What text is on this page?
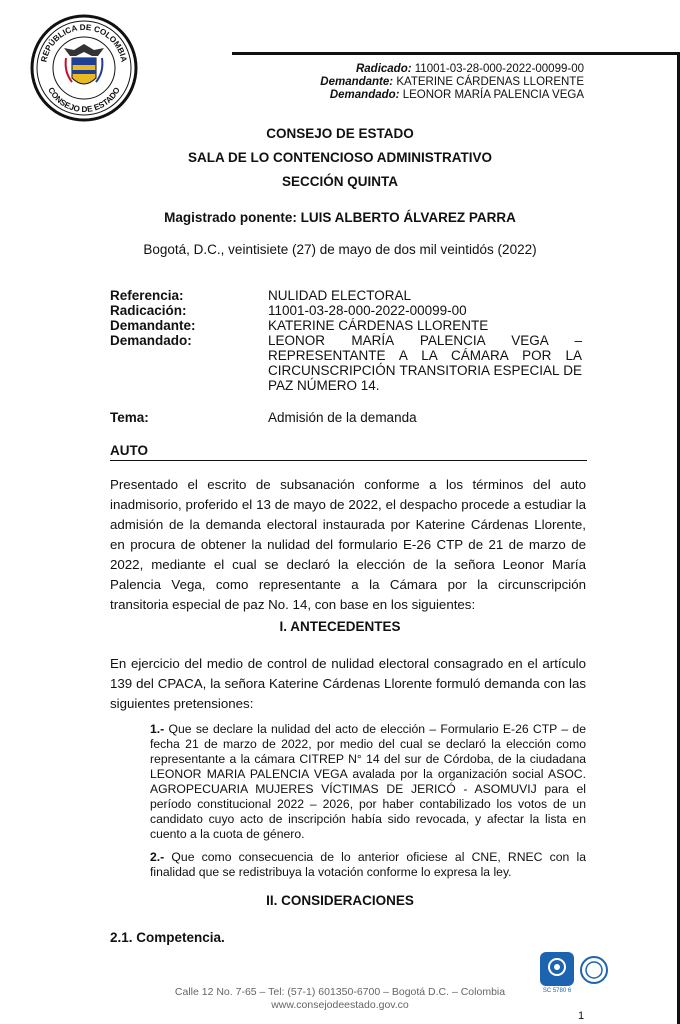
REPÚBLICA DE COLOMBIA
CONSEJO DE ESTADO
Radicado: 11001-03-28-000-2022-00099-00
Demandante: KATERINE CÁRDENAS LLORENTE
Demandado: LEONOR MARÍA PALENCIA VEGA
CONSEJO DE ESTADO
SALA DE LO CONTENCIOSO ADMINISTRATIVO
SECCIÓN QUINTA
Magistrado ponente: LUIS ALBERTO ÁLVAREZ PARRA
Bogotá, D.C., veintisiete (27) de mayo de dos mil veintidós (2022)
Referencia:	NULIDAD ELECTORAL
Radicación:	11001-03-28-000-2022-00099-00
Demandante:	KATERINE CÁRDENAS LLORENTE
Demandado:	LEONOR MARÍA PALENCIA VEGA –
REPRESENTANTE A LA CÁMARA POR LA
CIRCUNSCRIPCIÓN TRANSITORIA ESPECIAL DE
PAZ NÚMERO 14.
Tema:	Admisión de la demanda
AUTO
Presentado el escrito de subsanación conforme a los términos del auto inadmisorio, proferido el 13 de mayo de 2022, el despacho procede a estudiar la admisión de la demanda electoral instaurada por Katerine Cárdenas Llorente, en procura de obtener la nulidad del formulario E-26 CTP de 21 de marzo de 2022, mediante el cual se declaró la elección de la señora Leonor María Palencia Vega, como representante a la Cámara por la circunscripción transitoria especial de paz No. 14, con base en los siguientes:
I. ANTECEDENTES
En ejercicio del medio de control de nulidad electoral consagrado en el artículo 139 del CPACA, la señora Katerine Cárdenas Llorente formuló demanda con las siguientes pretensiones:
1.- Que se declare la nulidad del acto de elección – Formulario E-26 CTP – de fecha 21 de marzo de 2022, por medio del cual se declaró la elección como representante a la cámara CITREP N° 14 del sur de Córdoba, de la ciudadana LEONOR MARIA PALENCIA VEGA avalada por la organización social ASOC. AGROPECUARIA MUJERES VÍCTIMAS DE JERICÓ - ASOMUVIJ para el período constitucional 2022 – 2026, por haber contabilizado los votos de un candidato cuyo acto de inscripción había sido revocada, y afectar la lista en cuento a la cuota de género.
2.- Que como consecuencia de lo anterior oficiese al CNE, RNEC con la finalidad que se redistribuya la votación conforme lo expresa la ley.
II. CONSIDERACIONES
2.1. Competencia.
Calle 12 No. 7-65 – Tel: (57-1) 601350-6700 – Bogotá D.C. – Colombia
www.consejodeestado.gov.co
SC 5780 6
1
